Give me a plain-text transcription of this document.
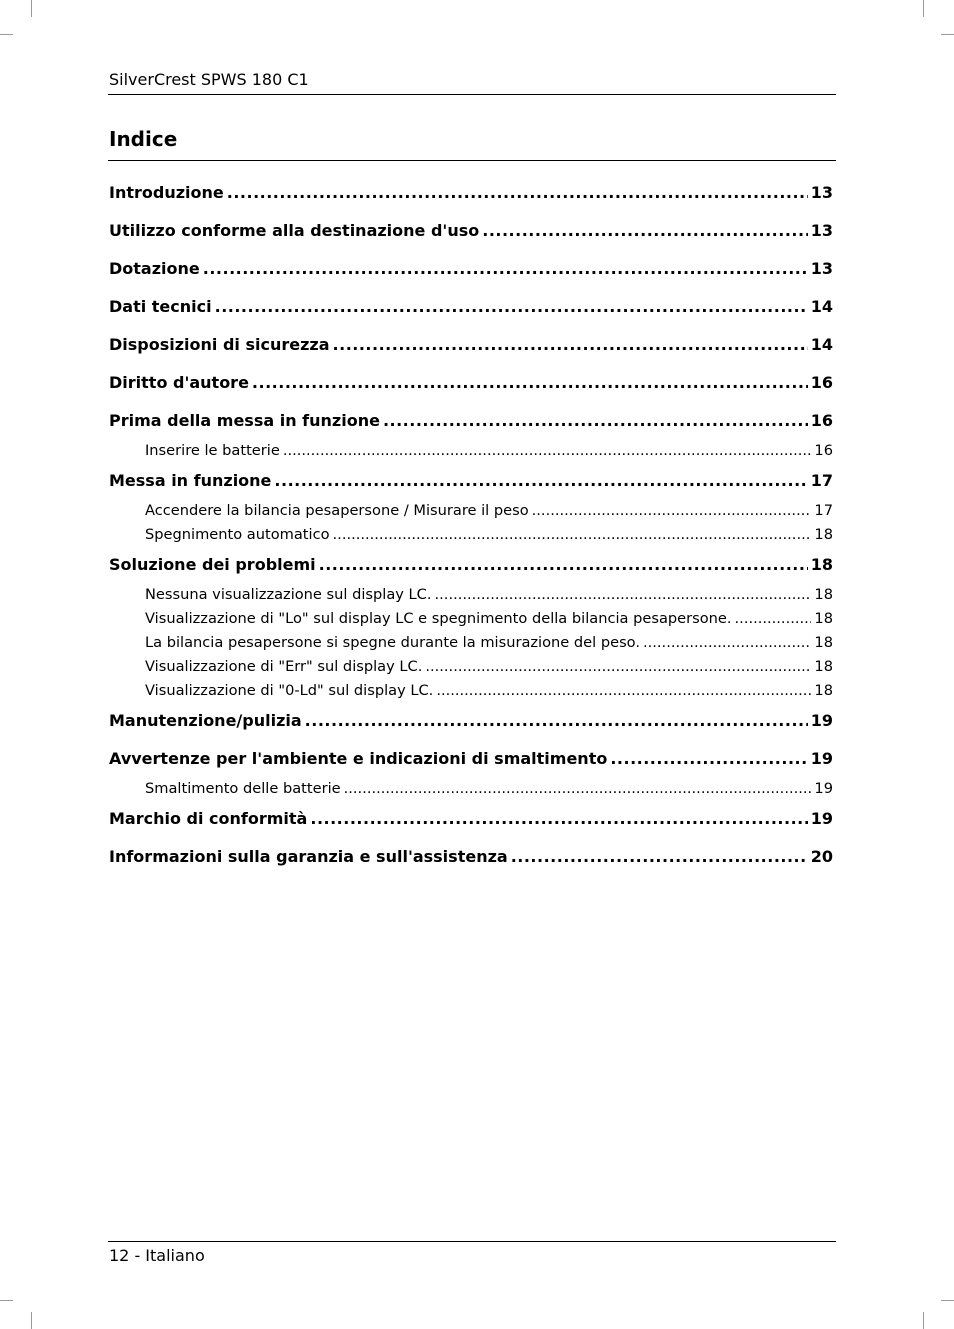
SilverCrest SPWS 180 C1
Indice
Introduzione .....	13
Utilizzo conforme alla destinazione d'uso .....	13
Dotazione .....	13
Dati tecnici .....	14
Disposizioni di sicurezza .....	14
Diritto d'autore .....	16
Prima della messa in funzione .....	16
Inserire le batterie .....	16
Messa in funzione .....	17
Accendere la bilancia pesapersone / Misurare il peso .....	17
Spegnimento automatico .....	18
Soluzione dei problemi .....	18
Nessuna visualizzazione sul display LC. .....	18
Visualizzazione di "Lo" sul display LC e spegnimento della bilancia pesapersone. .....	18
La bilancia pesapersone si spegne durante la misurazione del peso. .....	18
Visualizzazione di "Err" sul display LC. .....	18
Visualizzazione di "0-Ld" sul display LC. .....	18
Manutenzione/pulizia .....	19
Avvertenze per l'ambiente e indicazioni di smaltimento .....	19
Smaltimento delle batterie .....	19
Marchio di conformità .....	19
Informazioni sulla garanzia e sull'assistenza .....	20
12 - Italiano
